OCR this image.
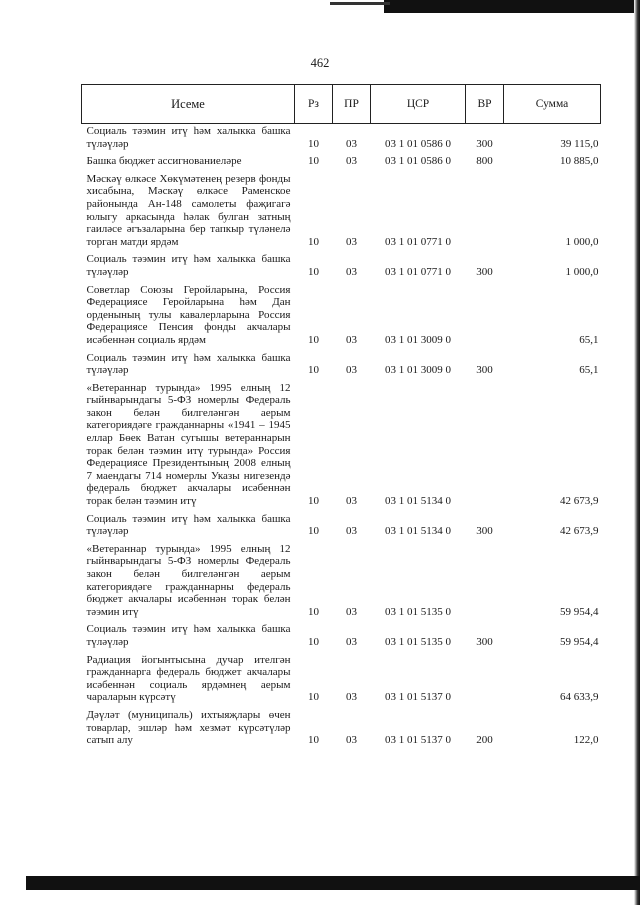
462
Исеме	Рз	ПР	ЦСР	ВР	Сумма
Социаль тәэмин итү һәм халыкка башка түләүләр	10	03	03 1 01 0586 0	300	39 115,0
Башка бюджет ассигнованиеләре	10	03	03 1 01 0586 0	800	10 885,0
Мәскәү өлкәсе Хөкүмәтенең резерв фонды хисабына, Мәскәү өлкәсе Раменское районында Ан-148 самолеты фаҗигагә юлыгу аркасында һәлак булган затның гаиләсе әгъзаларына бер тапкыр түләнелә торган матди ярдәм	10	03	03 1 01 0771 0		1 000,0
Социаль тәэмин итү һәм халыкка башка түләүләр	10	03	03 1 01 0771 0	300	1 000,0
Советлар Союзы Геройларына, Россия Федерациясе Геройларына һәм Дан орденының тулы кавалерларына Россия Федерациясе Пенсия фонды акчалары исәбеннән социаль ярдәм	10	03	03 1 01 3009 0		65,1
Социаль тәэмин итү һәм халыкка башка түләүләр	10	03	03 1 01 3009 0	300	65,1
«Ветераннар турында» 1995 елның 12 гыйнварындагы 5-ФЗ номерлы Федераль закон белән билгеләнгән аерым категориядәге гражданнарны «1941 – 1945 еллар Бөек Ватан сугышы ветераннарын торак белән тәэмин итү турында» Россия Федерациясе Президентының 2008 елның 7 маендагы 714 номерлы Указы нигезендә федераль бюджет акчалары исәбеннән торак белән тәэмин итү	10	03	03 1 01 5134 0		42 673,9
Социаль тәэмин итү һәм халыкка башка түләүләр	10	03	03 1 01 5134 0	300	42 673,9
«Ветераннар турында» 1995 елның 12 гыйнварындагы 5-ФЗ номерлы Федераль закон белән билгеләнгән аерым категориядәге гражданнарны федераль бюджет акчалары исәбеннән торак белән тәэмин итү	10	03	03 1 01 5135 0		59 954,4
Социаль тәэмин итү һәм халыкка башка түләүләр	10	03	03 1 01 5135 0	300	59 954,4
Радиация йогынтысына дучар ителгән гражданнарга федераль бюджет акчалары исәбеннән социаль ярдәмнең аерым чараларын күрсәтү	10	03	03 1 01 5137 0		64 633,9
Дәүләт (муниципаль) ихтыяҗлары өчен товарлар, эшләр һәм хезмәт күрсәтүләр сатып алу	10	03	03 1 01 5137 0	200	122,0
